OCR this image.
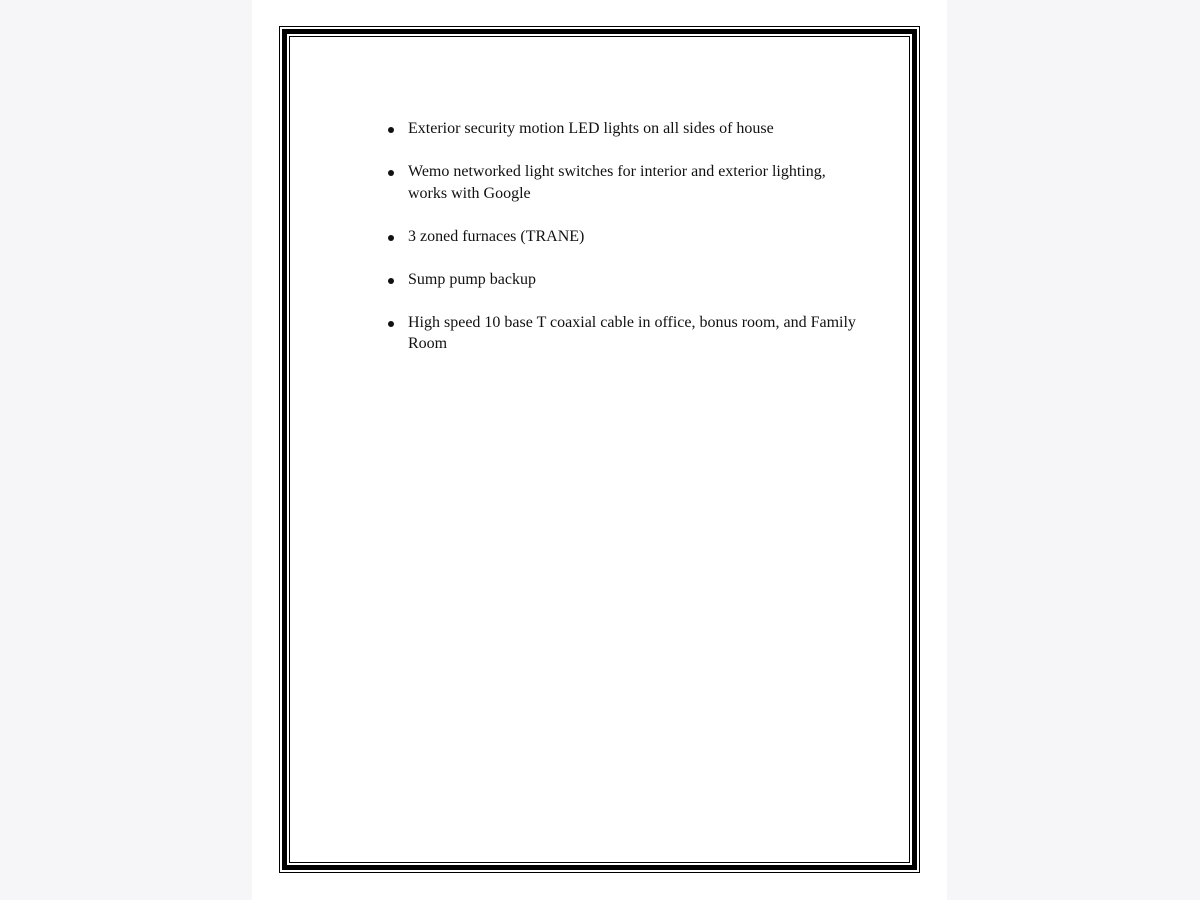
Exterior security motion LED lights on all sides of house
Wemo networked light switches for interior and exterior lighting, works with Google
3 zoned furnaces (TRANE)
Sump pump backup
High speed 10 base T coaxial cable in office, bonus room, and Family Room
